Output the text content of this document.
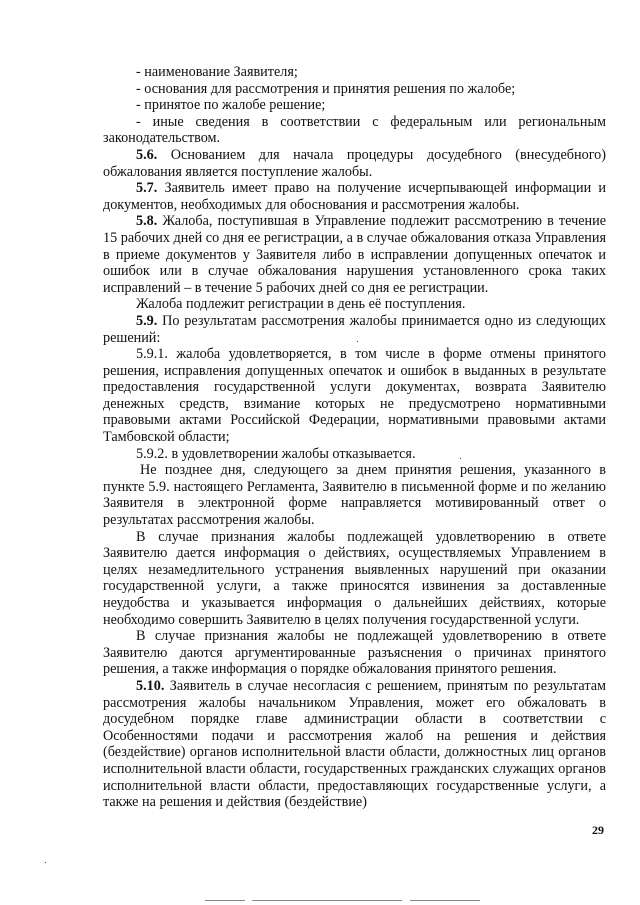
- наименование Заявителя;

- основания для рассмотрения и принятия решения по жалобе;

- принятое по жалобе решение;

- иные сведения в соответствии с федеральным или региональным законодательством.

5.6. Основанием для начала процедуры досудебного (внесудебного) обжалования является поступление жалобы.

5.7. Заявитель имеет право на получение исчерпывающей информации и документов, необходимых для обоснования и рассмотрения жалобы.

5.8. Жалоба, поступившая в Управление подлежит рассмотрению в течение 15 рабочих дней со дня ее регистрации, а в случае обжалования отказа Управления в приеме документов у Заявителя либо в исправлении допущенных опечаток и ошибок или в случае обжалования нарушения установленного срока таких исправлений – в течение 5 рабочих дней со дня ее регистрации.

Жалоба подлежит регистрации в день её поступления.

5.9. По результатам рассмотрения жалобы принимается одно из следующих решений:

5.9.1. жалоба удовлетворяется, в том числе в форме отмены принятого решения, исправления допущенных опечаток и ошибок в выданных в результате предоставления государственной услуги документах, возврата Заявителю денежных средств, взимание которых не предусмотрено нормативными правовыми актами Российской Федерации, нормативными правовыми актами Тамбовской области;

5.9.2. в удовлетворении жалобы отказывается.

Не позднее дня, следующего за днем принятия решения, указанного в пункте 5.9. настоящего Регламента, Заявителю в письменной форме и по желанию Заявителя в электронной форме направляется мотивированный ответ о результатах рассмотрения жалобы.

В случае признания жалобы подлежащей удовлетворению в ответе Заявителю дается информация о действиях, осуществляемых Управлением в целях незамедлительного устранения выявленных нарушений при оказании государственной услуги, а также приносятся извинения за доставленные неудобства и указывается информация о дальнейших действиях, которые необходимо совершить Заявителю в целях получения государственной услуги.

В случае признания жалобы не подлежащей удовлетворению в ответе Заявителю даются аргументированные разъяснения о причинах принятого решения, а также информация о порядке обжалования принятого решения.

5.10. Заявитель в случае несогласия с решением, принятым по результатам рассмотрения жалобы начальником Управления, может его обжаловать в досудебном порядке главе администрации области в соответствии с Особенностями подачи и рассмотрения жалоб на решения и действия (бездействие) органов исполнительной власти области, должностных лиц органов исполнительной власти области, государственных гражданских служащих органов исполнительной власти области, предоставляющих государственные услуги, а также на решения и действия (бездействие)

29
